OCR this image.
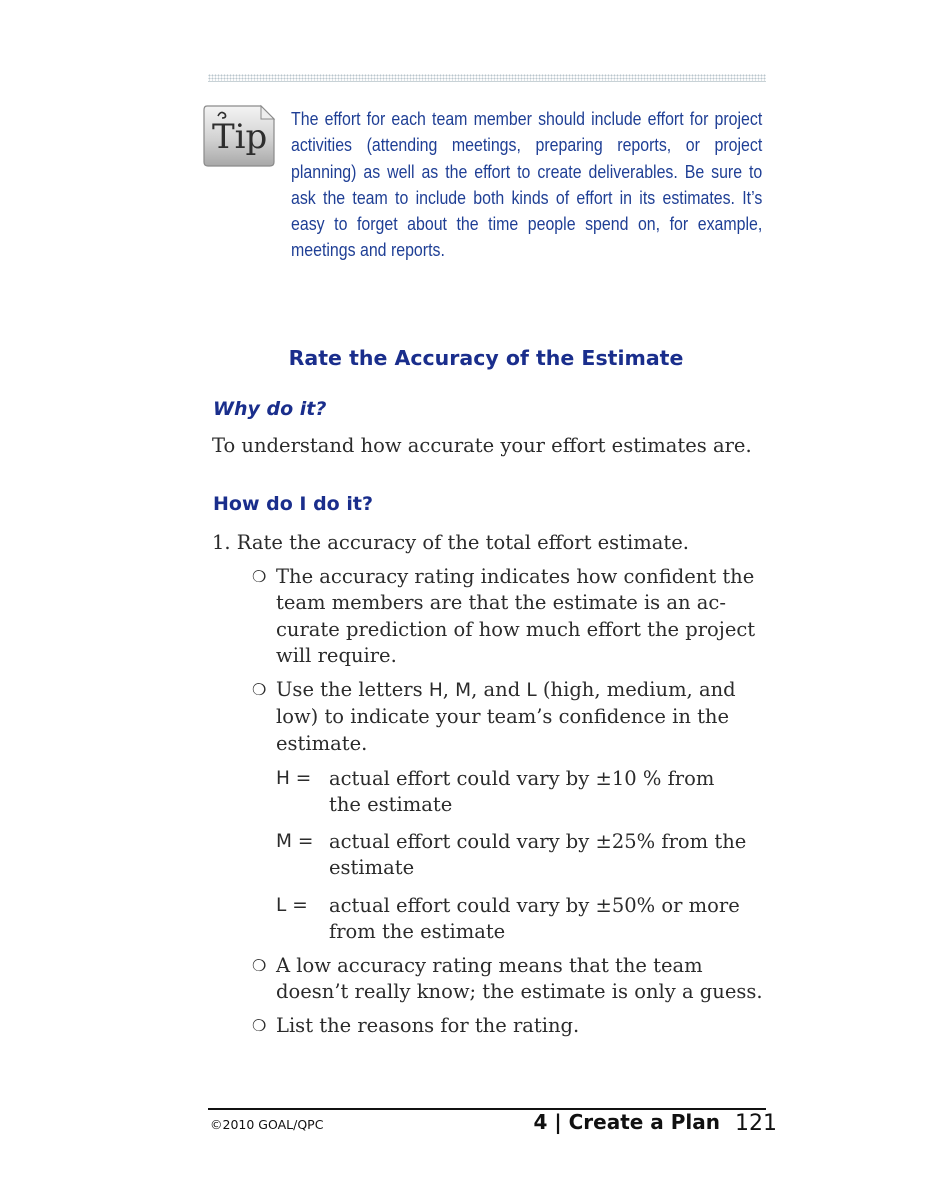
Tip The effort for each team member should include effort for project activities (attending meetings, preparing reports, or project planning) as well as the effort to create deliverables. Be sure to ask the team to include both kinds of effort in its estimates. It’s easy to forget about the time people spend on, for example, meetings and reports.
Rate the Accuracy of the Estimate
Why do it?
To understand how accurate your effort estimates are.
How do I do it?
1. Rate the accuracy of the total effort estimate.
❍ The accuracy rating indicates how confident the team members are that the estimate is an ac-curate prediction of how much effort the project will require.
❍ Use the letters H, M, and L (high, medium, and low) to indicate your team’s confidence in the estimate.
H = actual effort could vary by ±10 % from the estimate
M = actual effort could vary by ±25% from the estimate
L = actual effort could vary by ±50% or more from the estimate
❍ A low accuracy rating means that the team doesn’t really know; the estimate is only a guess.
❍ List the reasons for the rating.
©2010 GOAL/QPC	4 | Create a Plan 121
